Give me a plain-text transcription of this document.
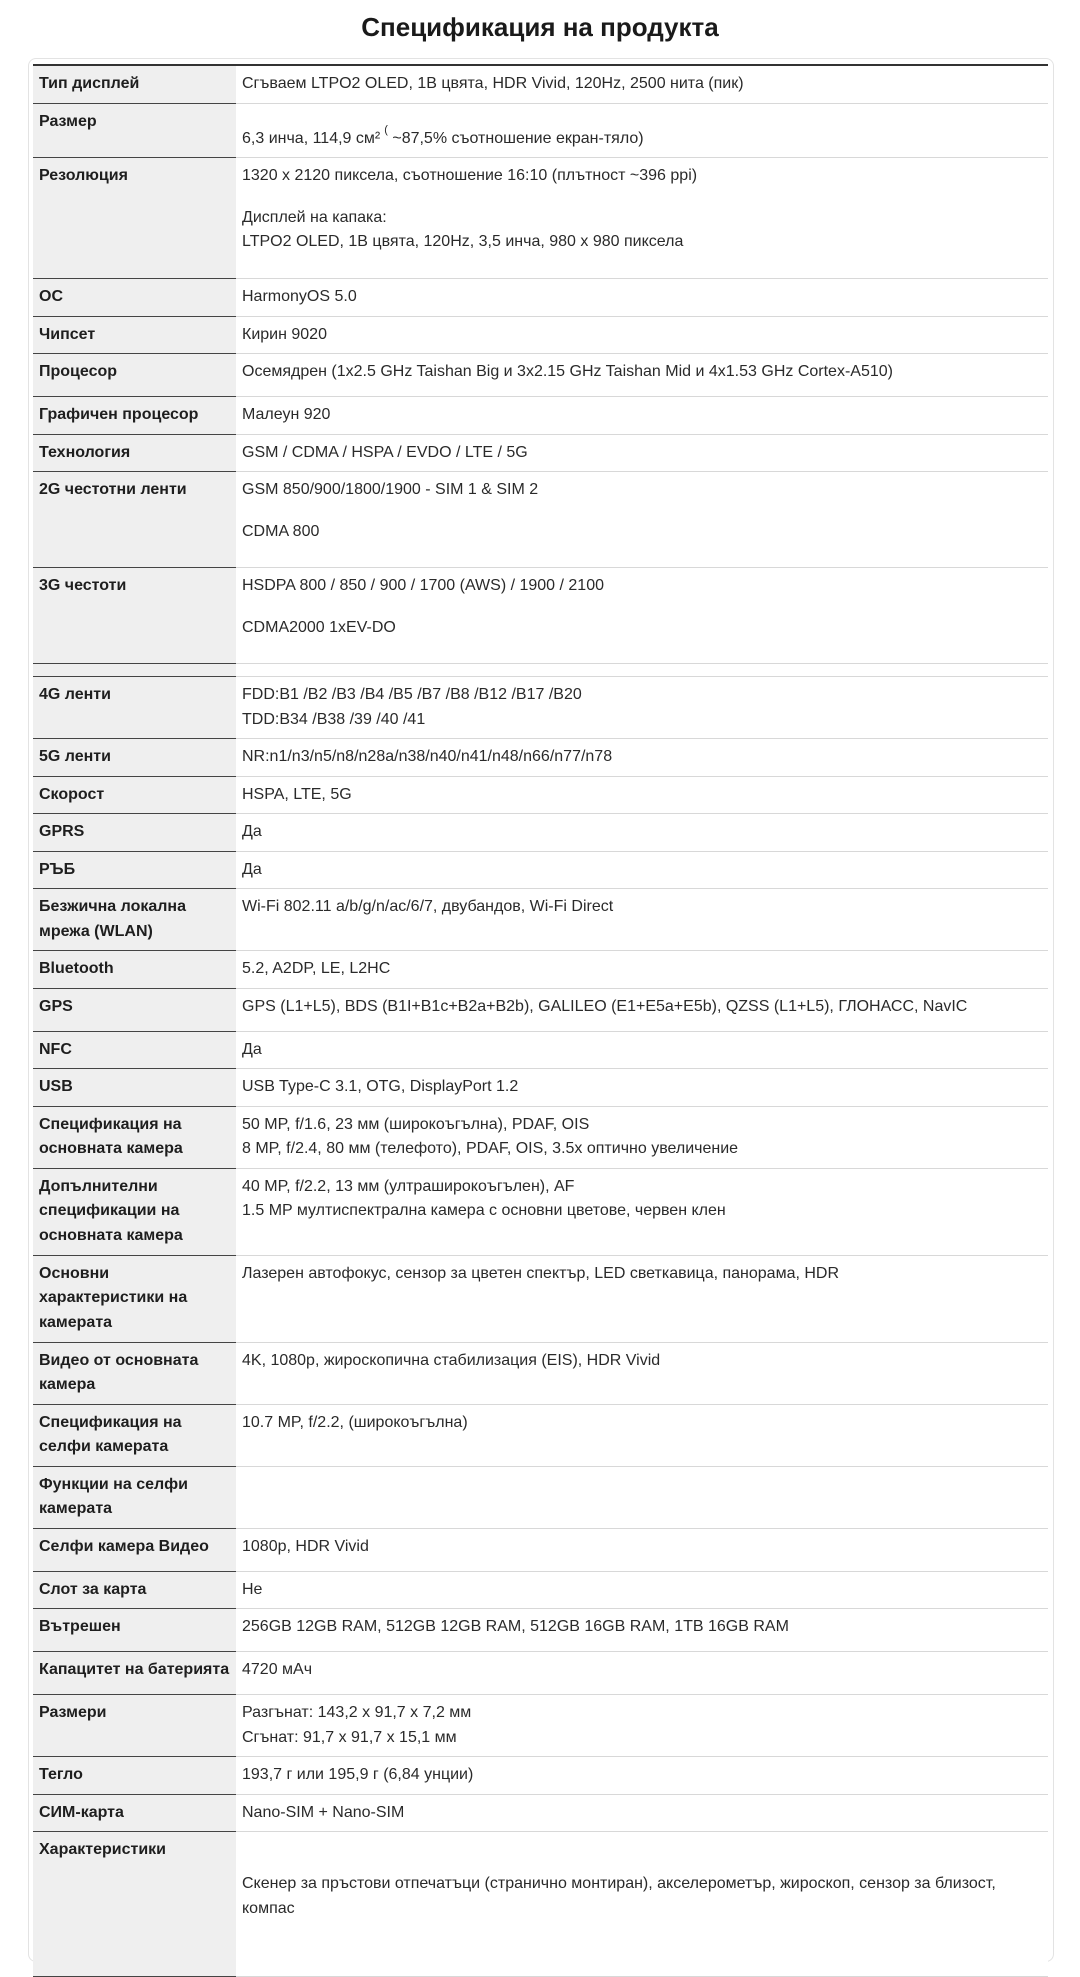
Спецификация на продукта
Тип дисплей	Сгъваем LTPO2 OLED, 1B цвята, HDR Vivid, 120Hz, 2500 нита (пик)

Размер	6,3 инча, 114,9 см² ( ~87,5% съотношение екран-тяло)
Резолюция	1320 x 2120 пиксела, съотношение 16:10 (плътност ~396 ppi)

Дисплей на капака:
LTPO2 OLED, 1B цвята, 120Hz, 3,5 инча, 980 x 980 пиксела

ОС	HarmonyOS 5.0

Чипсет	Кирин 9020

Процесор	Осемядрен (1x2.5 GHz Taishan Big и 3x2.15 GHz Taishan Mid и 4x1.53 GHz Cortex-A510)

Графичен процесор	Малеун 920

Технология	GSM / CDMA / HSPA / EVDO / LTE / 5G

2G честотни ленти	GSM 850/900/1800/1900 - SIM 1 & SIM 2

CDMA 800

3G честоти	HSDPA 800 / 850 / 900 / 1700 (AWS) / 1900 / 2100

CDMA2000 1xEV-DO

4G ленти	FDD:B1 /B2 /B3 /B4 /B5 /B7 /B8 /B12 /B17 /B20
TDD:B34 /B38 /39 /40 /41

5G ленти	NR:n1/n3/n5/n8/n28a/n38/n40/n41/n48/n66/n77/n78

Скорост	HSPA, LTE, 5G

GPRS	Да

РЪБ	Да

Безжична локална мрежа (WLAN)	Wi-Fi 802.11 a/b/g/n/ac/6/7, двубандов, Wi-Fi Direct

Bluetooth	5.2, A2DP, LE, L2HC

GPS	GPS (L1+L5), BDS (B1I+B1c+B2a+B2b), GALILEO (E1+E5a+E5b), QZSS (L1+L5), ГЛОНАСС, NavIC

NFC	Да

USB	USB Type-C 3.1, OTG, DisplayPort 1.2

Спецификация на основната камера	50 MP, f/1.6, 23 мм (широкоъгълна), PDAF, OIS
8 MP, f/2.4, 80 мм (телефото), PDAF, OIS, 3.5x оптично увеличение

Допълнителни спецификации на основната камера	40 MP, f/2.2, 13 мм (ултраширокоъгълен), AF
1.5 MP мултиспектрална камера с основни цветове, червен клен

Основни характеристики на камерата	Лазерен автофокус, сензор за цветен спектър, LED светкавица, панорама, HDR

Видео от основната камера	4K, 1080p, жироскопична стабилизация (EIS), HDR Vivid

Спецификация на селфи камерата	10.7 MP, f/2.2, (широкоъгълна)

Функции на селфи камерата	
Селфи камера Видео	1080p, HDR Vivid

Слот за карта	Не

Вътрешен	256GB 12GB RAM, 512GB 12GB RAM, 512GB 16GB RAM, 1TB 16GB RAM

Капацитет на батерията	4720 мАч

Размери	Разгънат: 143,2 x 91,7 x 7,2 мм
Сгънат: 91,7 x 91,7 x 15,1 мм

Тегло	193,7 г или 195,9 г (6,84 унции)

СИМ-карта	Nano-SIM + Nano-SIM

Характеристики	Скенер за пръстови отпечатъци (странично монтиран), акселерометър, жироскоп, сензор за близост,
компас
